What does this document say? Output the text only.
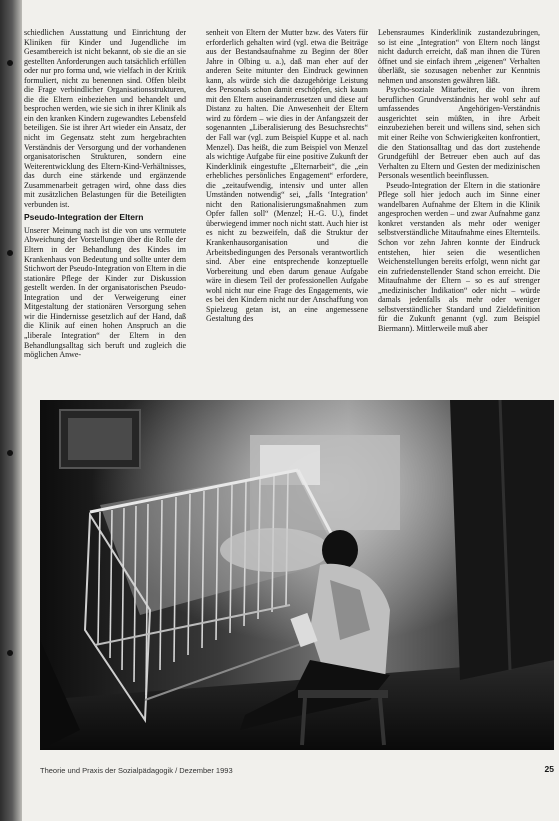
schiedlichen Ausstattung und Einrichtung der Kliniken für Kinder und Jugendliche im Gesamtbereich ist nicht bekannt, ob sie die an sie gestellten Anforderungen auch tatsächlich erfüllen oder nur pro forma und, wie vielfach in der Kritik formuliert, nicht zu benennen sind. Offen bleibt die Frage verbindlicher Organisationsstrukturen, die die Eltern einbeziehen und behandelt und besprochen werden, wie sie sich in ihrer Klinik als ein den kranken Kindern zugewandtes Lebensfeld beteiligen. Sie ist ihrer Art wieder ein Ansatz, der nicht im Gegensatz steht zum hergebrachten Verständnis der Versorgung und der vorhandenen organisatorischen Strukturen, sondern eine Weiterentwicklung des Eltern-Kind-Verhältnisses, das durch eine stärkende und ergänzende Zusammenarbeit getragen wird, ohne dass dies mit zusätzlichen Belastungen für die Beteiligten verbunden ist.

Pseudo-Integration der Eltern

Unserer Meinung nach ist die von uns vermutete Abweichung der Vorstellungen über die Rolle der Eltern in der Behandlung des Kindes im Krankenhaus von Bedeutung und sollte unter dem Stichwort der Pseudo-Integration von Eltern in die stationäre Pflege der Kinder zur Diskussion gestellt werden. In der organisatorischen Pseudo-Integration und der Verweigerung einer Mitgestaltung der stationären Versorgung sehen wir die Hindernisse gesetzlich auf der Hand, daß die Klinik auf einen hohen Anspruch an die „liberale Integration“ der Eltern in den Behandlungsalltag sich beruft und zugleich die möglichen Anwe-

senheit von Eltern der Mutter bzw. des Vaters für erforderlich gehalten wird (vgl. etwa die Beiträge aus der Bestandsaufnahme zu Beginn der 80er Jahre in Olbing u. a.), daß man eher auf der anderen Seite mitunter den Eindruck gewinnen kann, als würde sich die dazugehörige Leistung des Personals schon damit erschöpfen, sich kaum mit den Eltern auseinanderzusetzen und diese auf Distanz zu halten. Die Anwesenheit der Eltern wird zu fördern – wie dies in der Anfangszeit der sogenannten „Liberalisierung des Besuchsrechts“ der Fall war (vgl. zum Beispiel Kuppe et al. nach Menzel). Das heißt, die zum Beispiel von Menzel als wichtige Aufgabe für eine positive Zukunft der Kinderklinik eingestufte „Elternarbeit“, die „ein erhebliches persönliches Engagement“ erfordere, die „zeitaufwendig, intensiv und unter allen Umständen notwendig“ sei, „falls ‘Integration’ nicht den Rationalisierungsmaßnahmen zum Opfer fallen soll“ (Menzel; H.-G. U.), findet überwiegend immer noch nicht statt. Auch hier ist es nicht zu bezweifeln, daß die Struktur der Krankenhausorganisation und die Arbeitsbedingungen des Personals verantwortlich sind. Aber eine entsprechende konzeptuelle Vorbereitung und eben darum genaue Aufgabe wäre in diesem Teil der professionellen Aufgabe wohl nicht nur eine Frage des Engagements, wie es bei den Kindern nicht nur der Anschaffung von Spielzeug getan ist, an eine angemessene Gestaltung des

Lebensraumes Kinderklinik zustandezubringen, so ist eine „Integration“ von Eltern noch längst nicht dadurch erreicht, daß man ihnen die Türen öffnet und sie einfach ihrem „eigenen“ Verhalten überläßt, sie sozusagen nebenher zur Kenntnis nehmen und ansonsten gewähren läßt.

Psycho-soziale Mitarbeiter, die von ihrem beruflichen Grundverständnis her wohl sehr auf umfassendes Angehörigen-Verständnis ausgerichtet sein müßten, in ihre Arbeit einzubeziehen bereit und willens sind, sehen sich mit einer Reihe von Schwierigkeiten konfrontiert, die den Stationsalltag und das dort zustehende Grundgefühl der Betreuer eben auch auf das Verhalten zu Eltern und Gesten der medizinischen Personals wesentlich beeinflussen.

Pseudo-Integration der Eltern in die stationäre Pflege soll hier jedoch auch im Sinne einer wandelbaren Aufnahme der Eltern in die Klinik angesprochen werden – und zwar Aufnahme ganz konkret verstanden als mehr oder weniger selbstverständliche Mitaufnahme eines Elternteils. Schon vor zehn Jahren konnte der Eindruck entstehen, hier seien die wesentlichen Weichenstellungen bereits erfolgt, wenn nicht gar ein zufriedenstellender Stand schon erreicht. Die Mitaufnahme der Eltern – so es auf strenger „medizinischer Indikation“ oder nicht – würde damals jedenfalls als mehr oder weniger selbstverständlicher Standard und Zieldefinition für die Zukunft genannt (vgl. zum Beispiel Biermann). Mittlerweile muß aber

Theorie und Praxis der Sozialpädagogik / Dezember 1993	25
